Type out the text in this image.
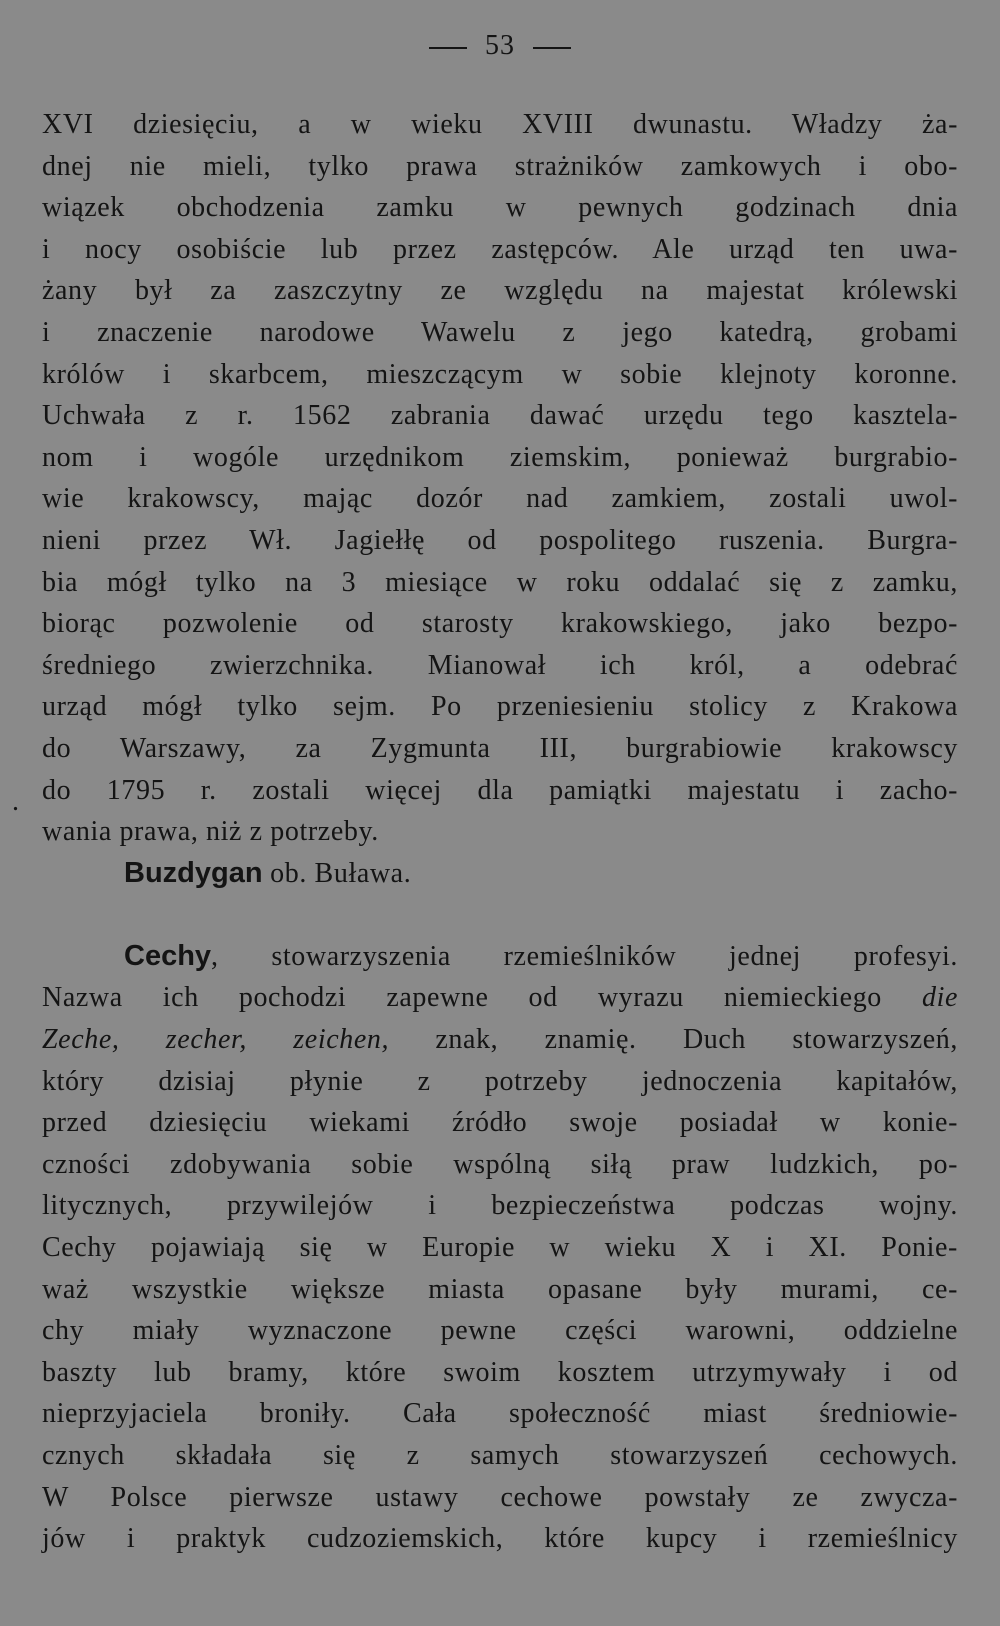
53
.
XVI dziesięciu, a w wieku XVIII dwunastu. Władzy ża-
dnej nie mieli, tylko prawa strażników zamkowych i obo-
wiązek obchodzenia zamku w pewnych godzinach dnia
i nocy osobiście lub przez zastępców. Ale urząd ten uwa-
żany był za zaszczytny ze względu na majestat królewski
i znaczenie narodowe Wawelu z jego katedrą, grobami
królów i skarbcem, mieszczącym w sobie klejnoty koronne.
Uchwała z r. 1562 zabrania dawać urzędu tego kasztela-
nom i wogóle urzędnikom ziemskim, ponieważ burgrabio-
wie krakowscy, mając dozór nad zamkiem, zostali uwol-
nieni przez Wł. Jagiełłę od pospolitego ruszenia. Burgra-
bia mógł tylko na 3 miesiące w roku oddalać się z zamku,
biorąc pozwolenie od starosty krakowskiego, jako bezpo-
średniego zwierzchnika. Mianował ich król, a odebrać
urząd mógł tylko sejm. Po przeniesieniu stolicy z Krakowa
do Warszawy, za Zygmunta III, burgrabiowie krakowscy
do 1795 r. zostali więcej dla pamiątki majestatu i zacho-
wania prawa, niż z potrzeby.
Buzdygan ob. Buława.
Cechy, stowarzyszenia rzemieślników jednej profesyi.
Nazwa ich pochodzi zapewne od wyrazu niemieckiego die
Zeche, zecher, zeichen, znak, znamię. Duch stowarzyszeń,
który dzisiaj płynie z potrzeby jednoczenia kapitałów,
przed dziesięciu wiekami źródło swoje posiadał w konie-
czności zdobywania sobie wspólną siłą praw ludzkich, po-
litycznych, przywilejów i bezpieczeństwa podczas wojny.
Cechy pojawiają się w Europie w wieku X i XI. Ponie-
waż wszystkie większe miasta opasane były murami, ce-
chy miały wyznaczone pewne części warowni, oddzielne
baszty lub bramy, które swoim kosztem utrzymywały i od
nieprzyjaciela broniły. Cała społeczność miast średniowie-
cznych składała się z samych stowarzyszeń cechowych.
W Polsce pierwsze ustawy cechowe powstały ze zwycza-
jów i praktyk cudzoziemskich, które kupcy i rzemieślnicy
